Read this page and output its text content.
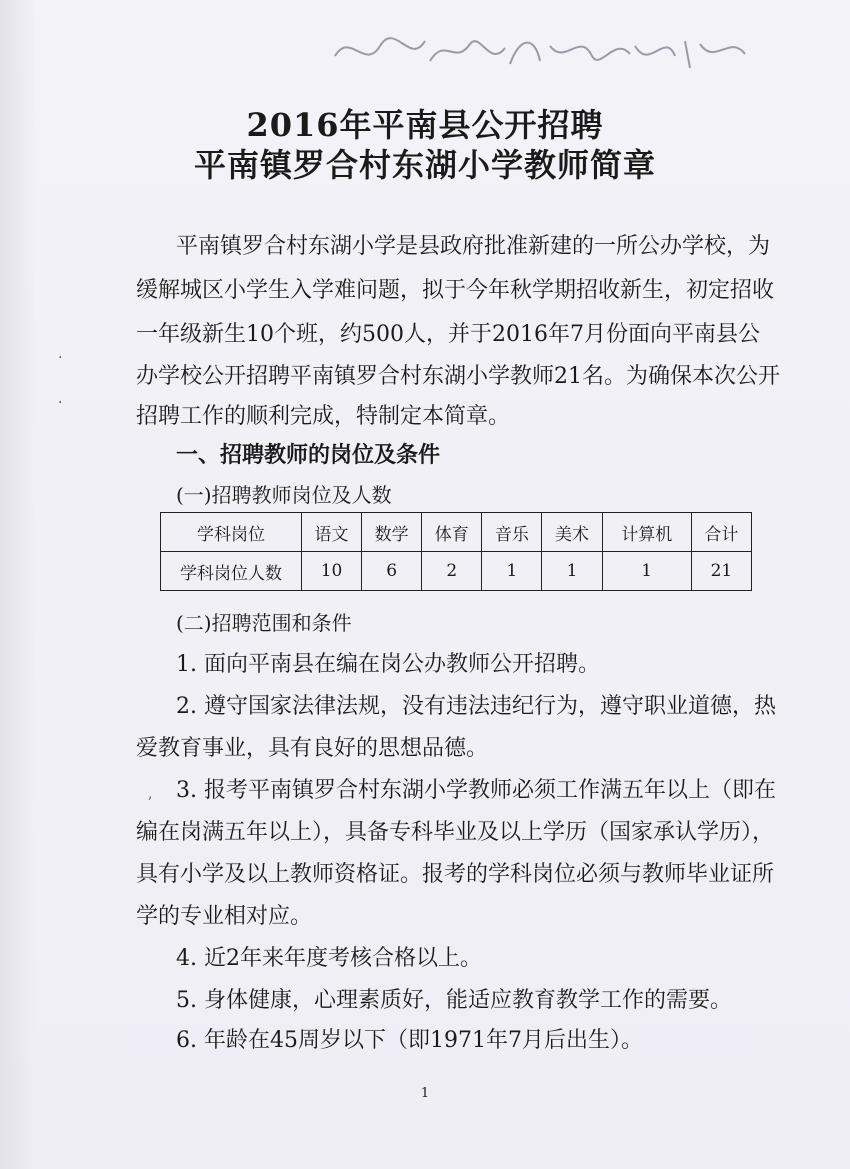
2016年平南县公开招聘
平南镇罗合村东湖小学教师简章
平南镇罗合村东湖小学是县政府批准新建的一所公办学校，为
缓解城区小学生入学难问题，拟于今年秋学期招收新生，初定招收
一年级新生10个班，约500人，并于2016年7月份面向平南县公
办学校公开招聘平南镇罗合村东湖小学教师21名。为确保本次公开
招聘工作的顺利完成，特制定本简章。
一、招聘教师的岗位及条件
(一)招聘教师岗位及人数
学科岗位	语文	数学	体育	音乐	美术	计算机	合计
学科岗位人数	10	6	2	1	1	1	21
(二)招聘范围和条件
1. 面向平南县在编在岗公办教师公开招聘。
2. 遵守国家法律法规，没有违法违纪行为，遵守职业道德，热
爱教育事业，具有良好的思想品德。
3. 报考平南镇罗合村东湖小学教师必须工作满五年以上（即在
编在岗满五年以上），具备专科毕业及以上学历（国家承认学历），
具有小学及以上教师资格证。报考的学科岗位必须与教师毕业证所
学的专业相对应。
4. 近2年来年度考核合格以上。
5. 身体健康，心理素质好，能适应教育教学工作的需要。
6. 年龄在45周岁以下（即1971年7月后出生）。
1
·
·
,
